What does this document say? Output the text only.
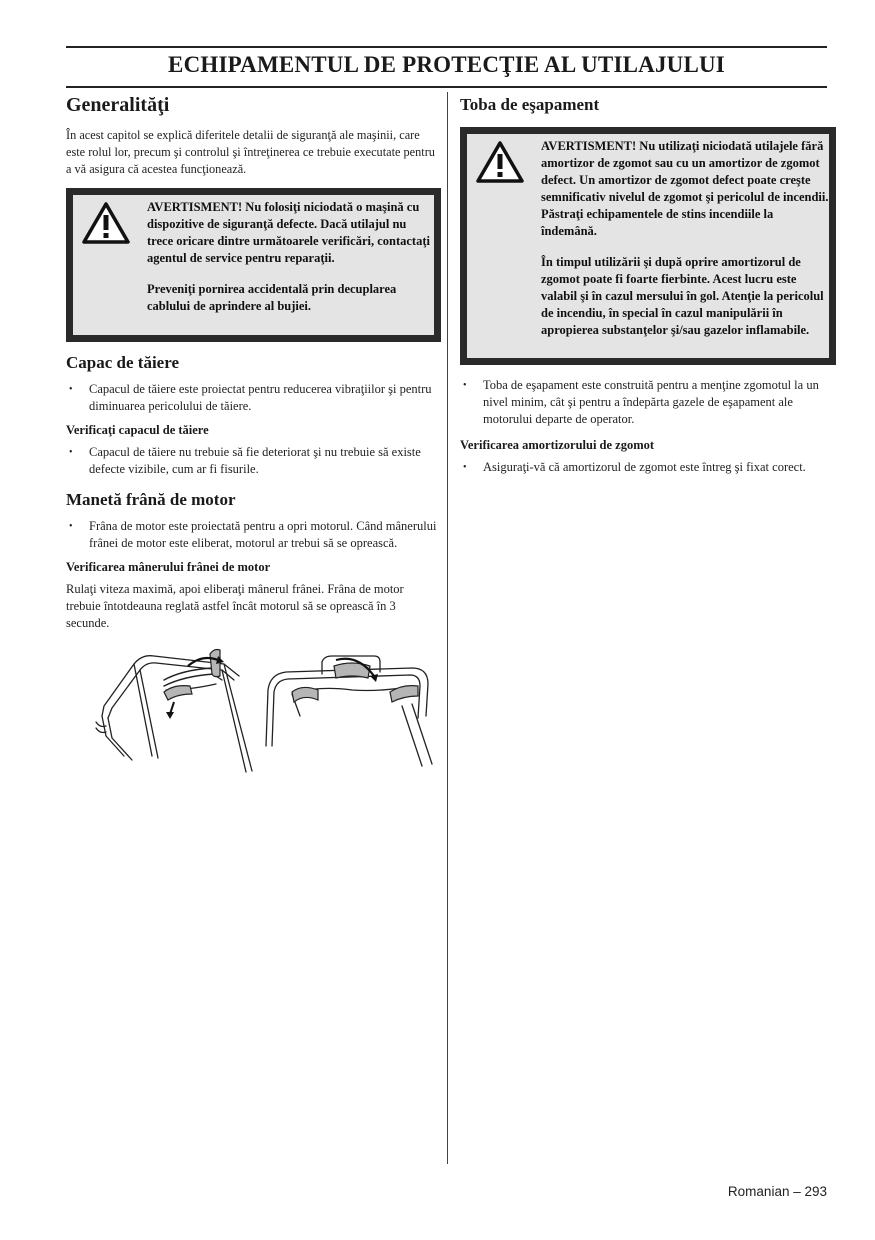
ECHIPAMENTUL DE PROTECŢIE AL UTILAJULUI
Generalităţi

În acest capitol se explică diferitele detalii de siguranţă ale maşinii, care este rolul lor, precum şi controlul şi întreţinerea ce trebuie executate pentru a vă asigura că acestea funcţionează.

AVERTISMENT! Nu folosiţi niciodată o maşină cu dispozitive de siguranţă defecte. Dacă utilajul nu trece oricare dintre următoarele verificări, contactaţi agentul de service pentru reparaţii.

Preveniţi pornirea accidentală prin decuplarea cablului de aprindere al bujiei.

Capac de tăiere
• Capacul de tăiere este proiectat pentru reducerea vibraţiilor şi pentru diminuarea pericolului de tăiere.
Verificaţi capacul de tăiere
• Capacul de tăiere nu trebuie să fie deteriorat şi nu trebuie să existe defecte vizibile, cum ar fi fisurile.
Manetă frână de motor
• Frâna de motor este proiectată pentru a opri motorul. Când mânerului frânei de motor este eliberat, motorul ar trebui să se oprească.
Verificarea mânerului frânei de motor

Rulaţi viteza maximă, apoi eliberaţi mânerul frânei. Frâna de motor trebuie întotdeauna reglată astfel încât motorul să se oprească în 3 secunde.

Toba de eşapament

AVERTISMENT! Nu utilizaţi niciodată utilajele fără amortizor de zgomot sau cu un amortizor de zgomot defect. Un amortizor de zgomot defect poate creşte semnificativ nivelul de zgomot şi pericolul de incendii. Păstraţi echipamentele de stins incendiile la îndemână.

În timpul utilizării şi după oprire amortizorul de zgomot poate fi foarte fierbinte. Acest lucru este valabil şi în cazul mersului în gol. Atenţie la pericolul de incendiu, în special în cazul manipulării în apropierea substanţelor şi/sau gazelor inflamabile.

• Toba de eşapament este construită pentru a menţine zgomotul la un nivel minim, cât şi pentru a îndepărta gazele de eşapament ale motorului departe de operator.
Verificarea amortizorului de zgomot
• Asiguraţi-vă că amortizorul de zgomot este întreg şi fixat corect.
Romanian – 293
